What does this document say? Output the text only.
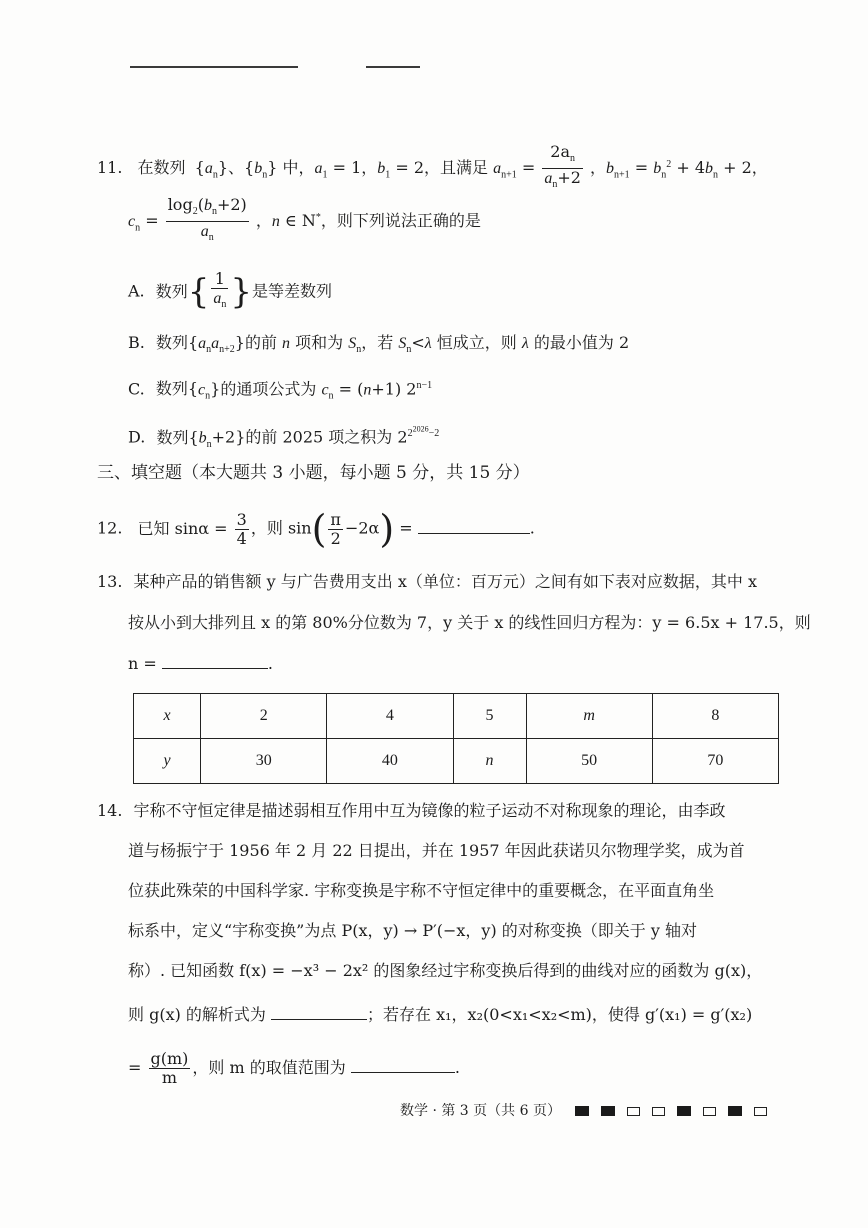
11. 在数列 $\{a_n\}$、$\{b_n\}$ 中，$a_1 = 1$，$b_1 = 2$，且满足 $a_{n+1} = \frac{2a_n}{a_n+2}$ ，$b_{n+1} = b_n^2 + 4b_n + 2$，
$c_n = \frac{\log_2(b_n+2)}{a_n}$ ，n ∈ N*，则下列说法正确的是
A. 数列{ $\frac{1}{a_n}$ }是等差数列
B. 数列$\{a_na_{n+2}\}$的前 n 项和为 $S_n$，若 $S_n<\lambda$ 恒成立，则 λ 的最小值为 2
C. 数列$\{c_n\}$的通项公式为 $c_n = (n+1)$ $2^{n-1}$
D. 数列$\{b_n+2\}$的前 2025 项之积为 $2^{2^{2026}-2}$
三、填空题（本大题共 3 小题，每小题 5 分，共 15 分）
12. 已知 $\sin\alpha = \frac{3}{4}$ ，则 $\sin( \frac{\pi}{2} -2\alpha)$ =	.
13. 某种产品的销售额 y 与广告费用支出 x（单位：百万元）之间有如下表对应数据，其中 x
按从小到大排列且 x 的第 80%分位数为 7，y 关于 x 的线性回归方程为：y = 6.5x + 17.5，则
n =	.
x	2	4	5	m	8
y	30	40	n	50	70
14. 宇称不守恒定律是描述弱相互作用中互为镜像的粒子运动不对称现象的理论，由李政
道与杨振宁于 1956 年 2 月 22 日提出，并在 1957 年因此获诺贝尔物理学奖，成为首
位获此殊荣的中国科学家. 宇称变换是宇称不守恒定律中的重要概念，在平面直角坐
标系中，定义“宇称变换”为点 P(x，y) → P′(−x，y) 的对称变换（即关于 y 轴对
称）. 已知函数 f(x) = −x³ − 2x² 的图象经过宇称变换后得到的曲线对应的函数为 g(x)，
则 g(x) 的解析式为	；若存在 x₁，x₂(0<x₁<x₂<m)，使得 g′(x₁) = g′(x₂)
= $\frac{g(m)}{m}$ ，则 m 的取值范围为	.
数学 · 第 3 页（共 6 页）
